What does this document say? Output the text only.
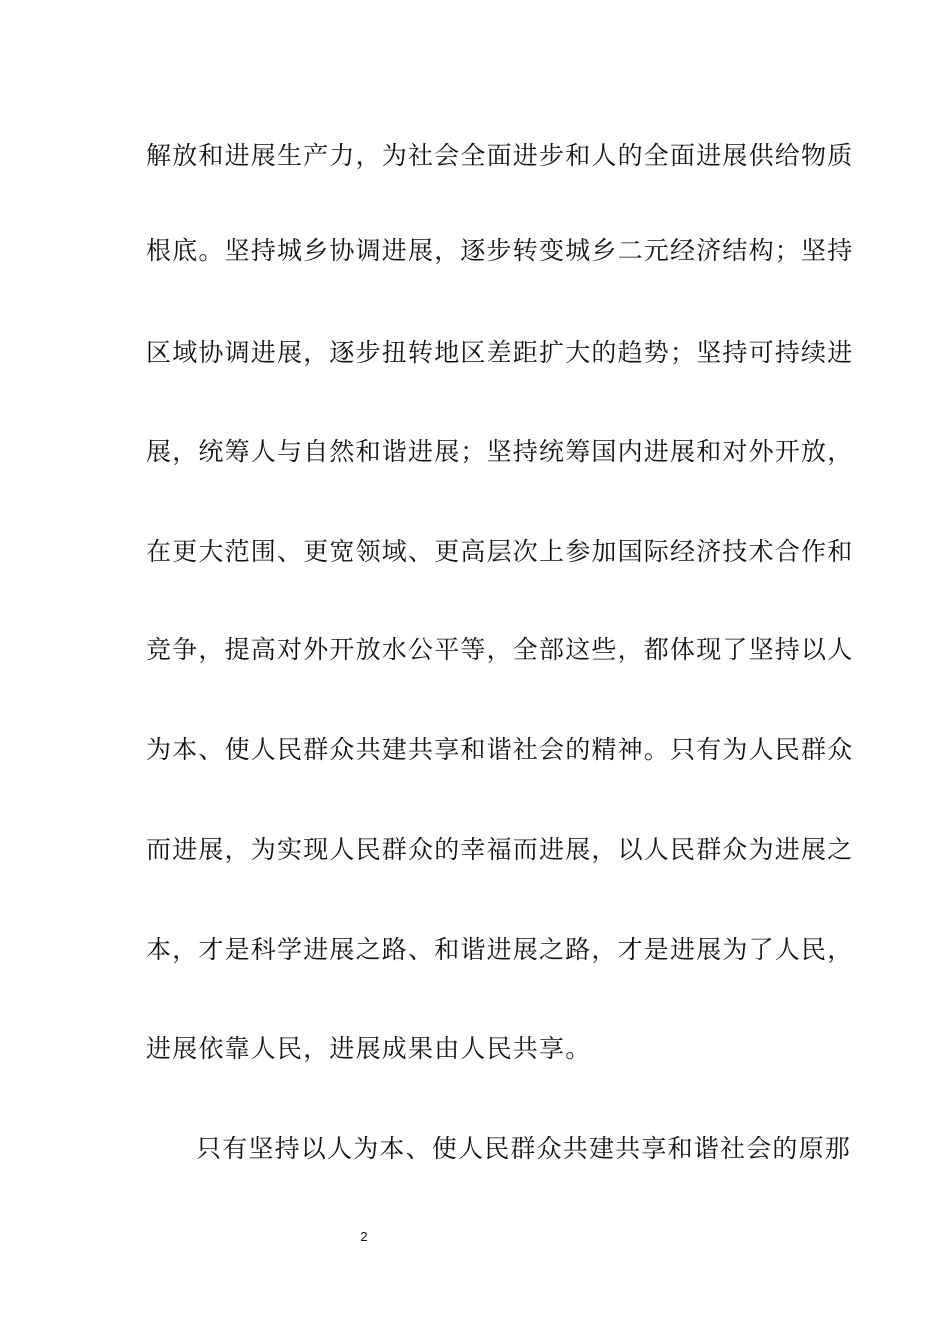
解放和进展生产力，为社会全面进步和人的全面进展供给物质
根底。坚持城乡协调进展，逐步转变城乡二元经济结构；坚持
区域协调进展，逐步扭转地区差距扩大的趋势；坚持可持续进
展，统筹人与自然和谐进展；坚持统筹国内进展和对外开放，
在更大范围、更宽领域、更高层次上参加国际经济技术合作和
竞争，提高对外开放水公平等，全部这些，都体现了坚持以人
为本、使人民群众共建共享和谐社会的精神。只有为人民群众
而进展，为实现人民群众的幸福而进展，以人民群众为进展之
本，才是科学进展之路、和谐进展之路，才是进展为了人民，
进展依靠人民，进展成果由人民共享。
只有坚持以人为本、使人民群众共建共享和谐社会的原那
2
